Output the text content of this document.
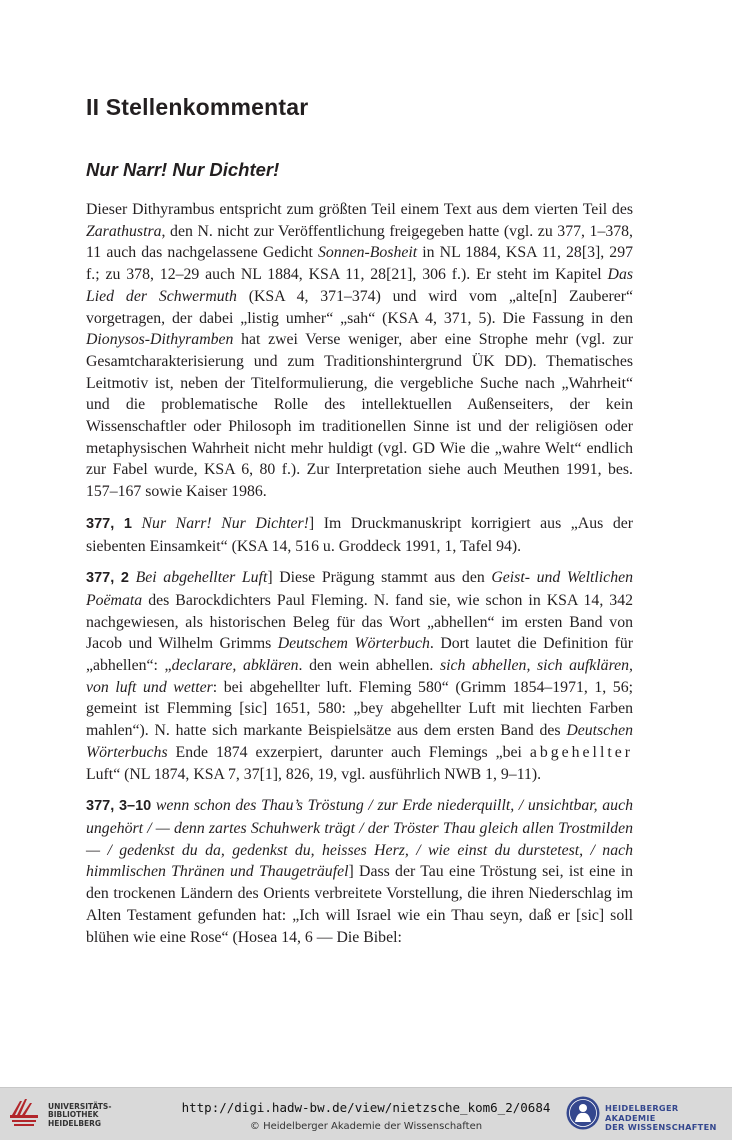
II Stellenkommentar
Nur Narr! Nur Dichter!

Dieser Dithyrambus entspricht zum größten Teil einem Text aus dem vierten Teil des Zarathustra, den N. nicht zur Veröffentlichung freigegeben hatte (vgl. zu 377, 1–378, 11 auch das nachgelassene Gedicht Sonnen-Bosheit in NL 1884, KSA 11, 28[3], 297 f.; zu 378, 12–29 auch NL 1884, KSA 11, 28[21], 306 f.). Er steht im Kapitel Das Lied der Schwermuth (KSA 4, 371–374) und wird vom „alte[n] Zauberer“ vorgetragen, der dabei „listig umher“ „sah“ (KSA 4, 371, 5). Die Fassung in den Dionysos-Dithyramben hat zwei Verse weniger, aber eine Strophe mehr (vgl. zur Gesamtcharakterisierung und zum Traditionshintergrund ÜK DD). Thematisches Leitmotiv ist, neben der Titelformulierung, die vergebliche Suche nach „Wahrheit“ und die problematische Rolle des intellektuellen Außenseiters, der kein Wissenschaftler oder Philosoph im traditionellen Sinne ist und der religiösen oder metaphysischen Wahrheit nicht mehr huldigt (vgl. GD Wie die „wahre Welt“ endlich zur Fabel wurde, KSA 6, 80 f.). Zur Interpretation siehe auch Meuthen 1991, bes. 157–167 sowie Kaiser 1986.

377, 1 Nur Narr! Nur Dichter!] Im Druckmanuskript korrigiert aus „Aus der siebenten Einsamkeit“ (KSA 14, 516 u. Groddeck 1991, 1, Tafel 94).

377, 2 Bei abgehellter Luft] Diese Prägung stammt aus den Geist- und Weltlichen Poëmata des Barockdichters Paul Fleming. N. fand sie, wie schon in KSA 14, 342 nachgewiesen, als historischen Beleg für das Wort „abhellen“ im ersten Band von Jacob und Wilhelm Grimms Deutschem Wörterbuch. Dort lautet die Definition für „abhellen“: „declarare, abklären. den wein abhellen. sich abhellen, sich aufklären, von luft und wetter: bei abgehellter luft. Fleming 580“ (Grimm 1854–1971, 1, 56; gemeint ist Flemming [sic] 1651, 580: „bey abgehellter Luft mit liechten Farben mahlen“). N. hatte sich markante Beispielsätze aus dem ersten Band des Deutschen Wörterbuchs Ende 1874 exzerpiert, darunter auch Flemings „bei abgehellter Luft“ (NL 1874, KSA 7, 37[1], 826, 19, vgl. ausführlich NWB 1, 9–11).

377, 3–10 wenn schon des Thau’s Tröstung / zur Erde niederquillt, / unsichtbar, auch ungehört / — denn zartes Schuhwerk trägt / der Tröster Thau gleich allen Trostmilden — / gedenkst du da, gedenkst du, heisses Herz, / wie einst du durstetest, / nach himmlischen Thränen und Thaugeträufel] Dass der Tau eine Tröstung sei, ist eine in den trockenen Ländern des Orients verbreitete Vorstellung, die ihren Niederschlag im Alten Testament gefunden hat: „Ich will Israel wie ein Thau seyn, daß er [sic] soll blühen wie eine Rose“ (Hosea 14, 6 — Die Bibel:

UNIVERSITÄTS-
BIBLIOTHEK
HEIDELBERG
http://digi.hadw-bw.de/view/nietzsche_kom6_2/0684
© Heidelberger Akademie der Wissenschaften
HEIDELBERGER AKADEMIE
DER WISSENSCHAFTEN
